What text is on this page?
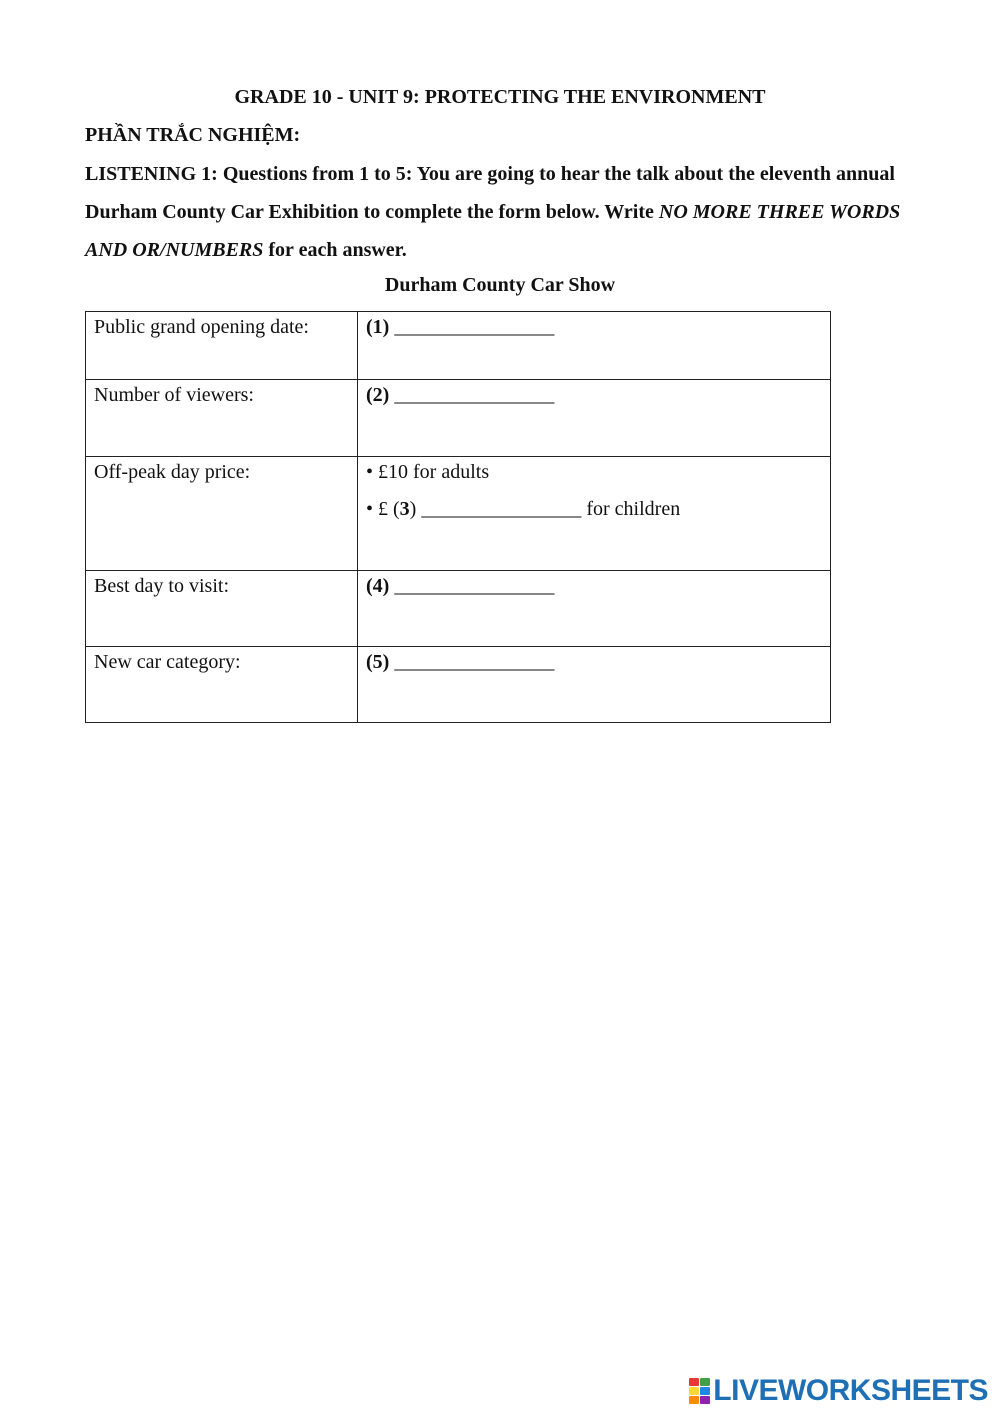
GRADE 10 - UNIT 9: PROTECTING THE ENVIRONMENT
PHẦN TRẮC NGHIỆM:
LISTENING 1: Questions from 1 to 5: You are going to hear the talk about the eleventh annual Durham County Car Exhibition to complete the form below. Write NO MORE THREE WORDS AND OR/NUMBERS for each answer.
Durham County Car Show
Public grand opening date:	(1) ________________
Number of viewers:	(2) ________________
Off-peak day price:	• £10 for adults
• £ (3) ________________ for children

Best day to visit:	(4) ________________
New car category:	(5) ________________
LIVEWORKSHEETS
